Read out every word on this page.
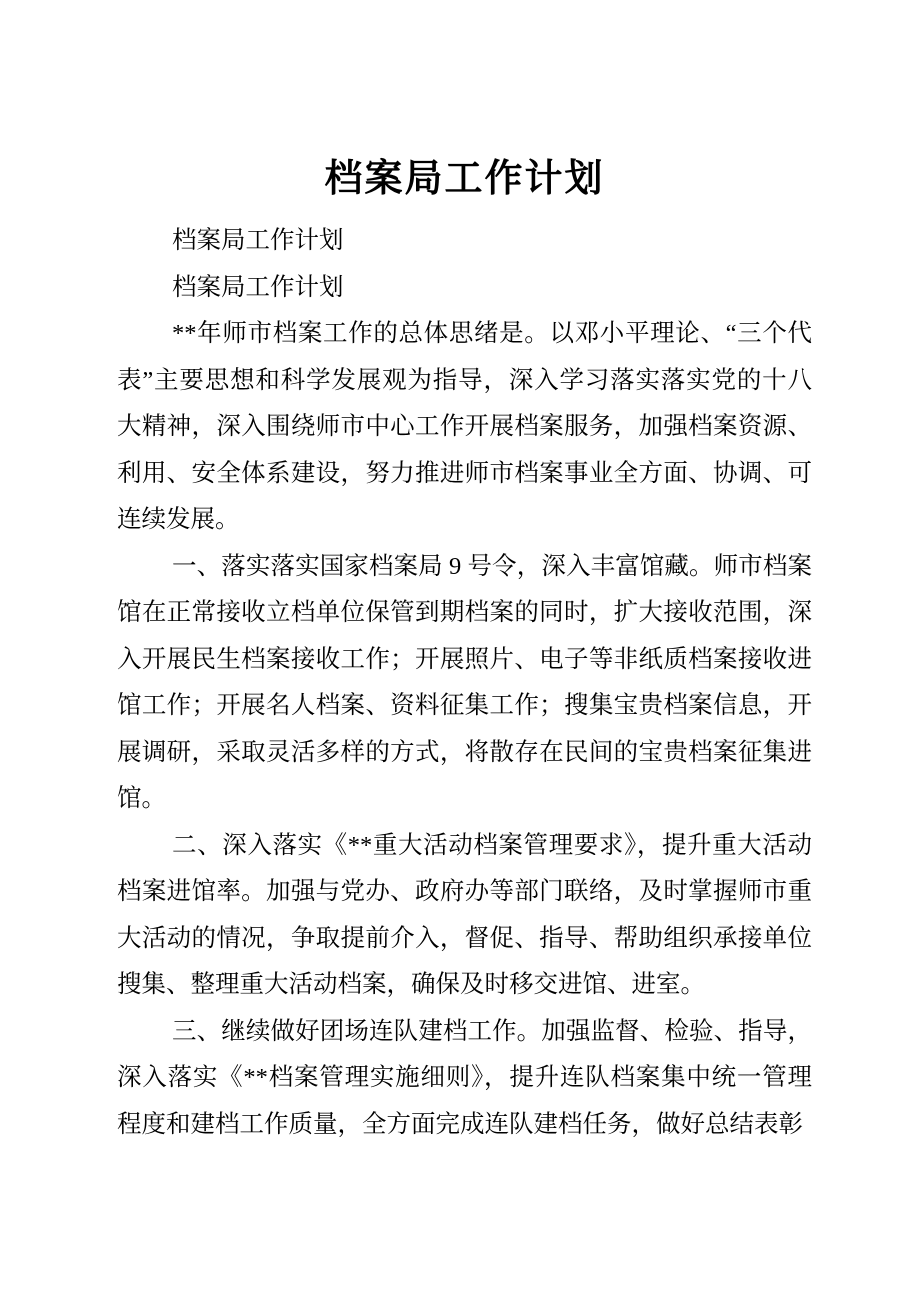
档案局工作计划

档案局工作计划

档案局工作计划

**年师市档案工作的总体思绪是。以邓小平理论、“三个代表”主要思想和科学发展观为指导，深入学习落实落实党的十八大精神，深入围绕师市中心工作开展档案服务，加强档案资源、利用、安全体系建设，努力推进师市档案事业全方面、协调、可连续发展。

一、落实落实国家档案局 9 号令，深入丰富馆藏。师市档案馆在正常接收立档单位保管到期档案的同时，扩大接收范围，深入开展民生档案接收工作；开展照片、电子等非纸质档案接收进馆工作；开展名人档案、资料征集工作；搜集宝贵档案信息，开展调研，采取灵活多样的方式，将散存在民间的宝贵档案征集进馆。

二、深入落实《**重大活动档案管理要求》，提升重大活动档案进馆率。加强与党办、政府办等部门联络，及时掌握师市重大活动的情况，争取提前介入，督促、指导、帮助组织承接单位搜集、整理重大活动档案，确保及时移交进馆、进室。

三、继续做好团场连队建档工作。加强监督、检验、指导，深入落实《**档案管理实施细则》，提升连队档案集中统一管理程度和建档工作质量，全方面完成连队建档任务，做好总结表彰
